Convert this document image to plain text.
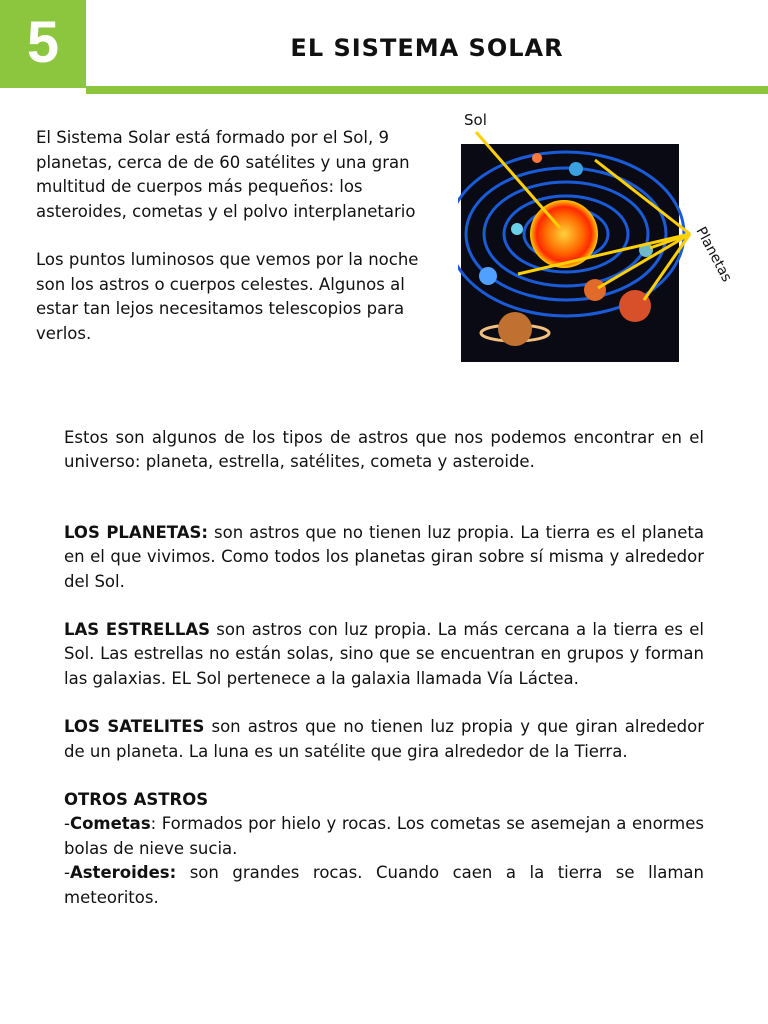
5	EL SISTEMA SOLAR

El Sistema Solar está formado por el Sol, 9 planetas, cerca de de 60 satélites y una gran multitud de cuerpos más pequeños: los asteroides, cometas y el polvo interplanetario

Los puntos luminosos que vemos por la noche son los astros o cuerpos celestes. Algunos al estar tan lejos necesitamos telescopios para verlos.

Sol
Planetas

Estos son algunos de los tipos de astros que nos podemos encontrar en el universo: planeta, estrella, satélites, cometa y asteroide.

LOS PLANETAS: son astros que no tienen luz propia. La tierra es el planeta en el que vivimos. Como todos los planetas giran sobre sí misma y alrededor del Sol.

LAS ESTRELLAS son astros con luz propia. La más cercana a la tierra es el Sol. Las estrellas no están solas, sino que se encuentran en grupos y forman las galaxias. EL Sol pertenece a la galaxia llamada Vía Láctea.

LOS SATELITES son astros que no tienen luz propia y que giran alrededor de un planeta. La luna es un satélite que gira alrededor de la Tierra.

OTROS ASTROS

-Cometas: Formados por hielo y rocas. Los cometas se asemejan a enormes bolas de nieve sucia.

-Asteroides: son grandes rocas. Cuando caen a la tierra se llaman meteoritos.
